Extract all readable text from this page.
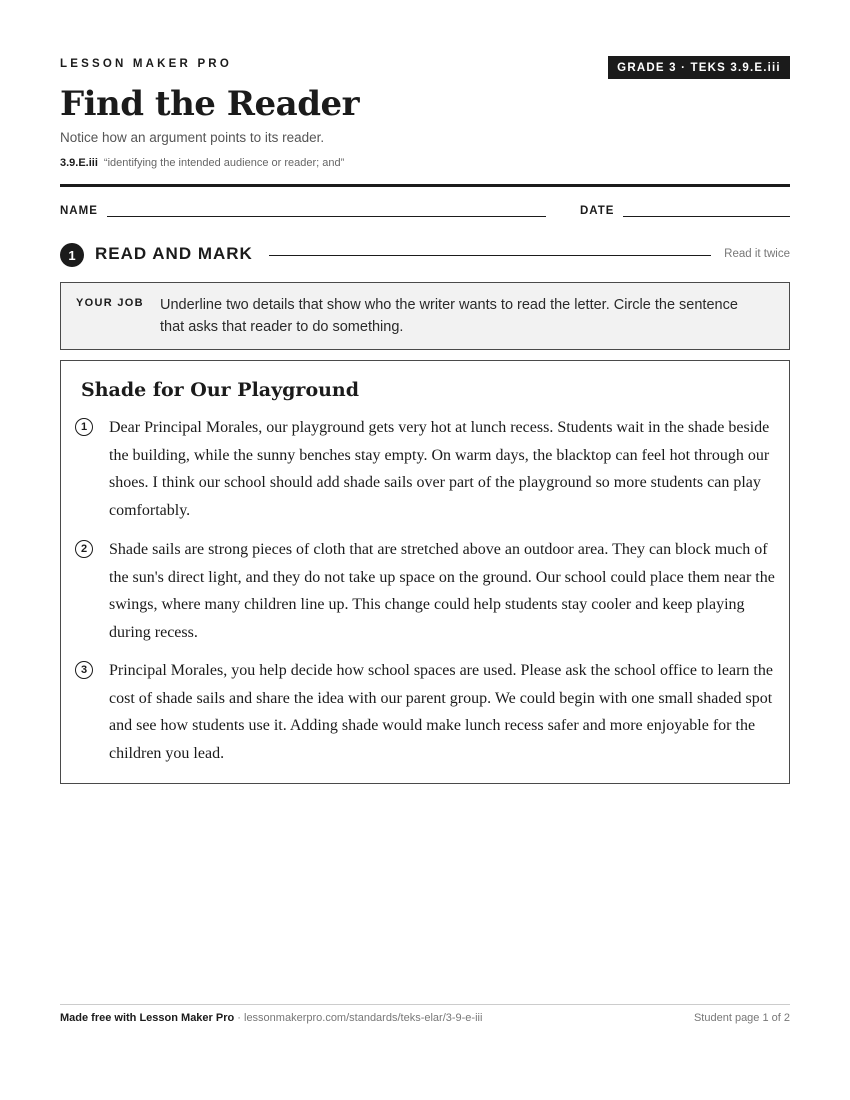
LESSON MAKER PRO	GRADE 3 · TEKS 3.9.E.iii
Find the Reader
Notice how an argument points to its reader.
3.9.E.iii “identifying the intended audience or reader; and”
NAME	DATE
1	READ AND MARK	Read it twice
YOUR JOB Underline two details that show who the writer wants to read the letter. Circle the sentence that asks that reader to do something.

Shade for Our Playground
1	Dear Principal Morales, our playground gets very hot at lunch recess. Students wait in the shade beside the building, while the sunny benches stay empty. On warm days, the blacktop can feel hot through our shoes. I think our school should add shade sails over part of the playground so more students can play comfortably.

2	Shade sails are strong pieces of cloth that are stretched above an outdoor area. They can block much of the sun's direct light, and they do not take up space on the ground. Our school could place them near the swings, where many children line up. This change could help students stay cooler and keep playing during recess.

3	Principal Morales, you help decide how school spaces are used. Please ask the school office to learn the cost of shade sails and share the idea with our parent group. We could begin with one small shaded spot and see how students use it. Adding shade would make lunch recess safer and more enjoyable for the children you lead.

Made free with Lesson Maker Pro · lessonmakerpro.com/standards/teks-elar/3-9-e-iii	Student page 1 of 2
